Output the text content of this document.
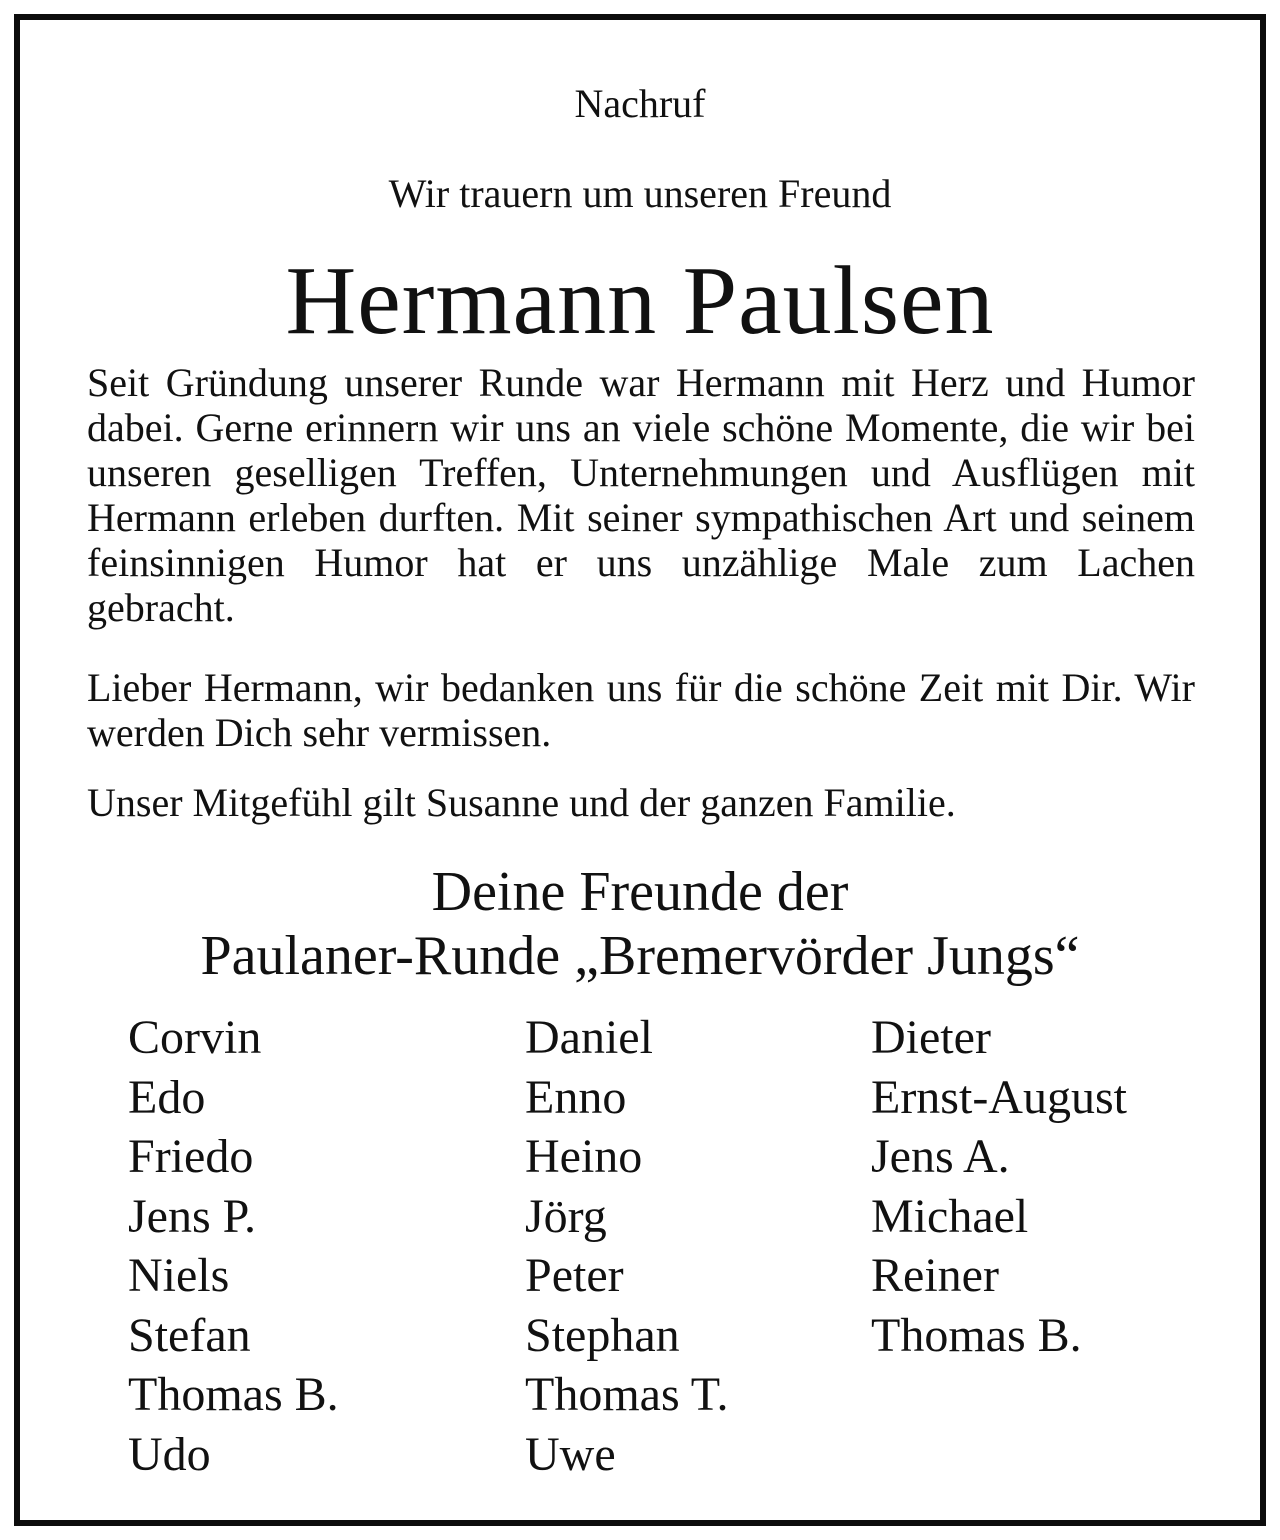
Nachruf
Wir trauern um unseren Freund
Hermann Paulsen

Seit Gründung unserer Runde war Hermann mit Herz und Humor dabei. Gerne erinnern wir uns an viele schöne Momente, die wir bei unseren geselligen Treffen, Unternehmungen und Ausflügen mit Hermann erleben durften. Mit seiner sympathischen Art und seinem feinsinnigen Humor hat er uns unzählige Male zum Lachen gebracht.

Lieber Hermann, wir bedanken uns für die schöne Zeit mit Dir. Wir werden Dich sehr vermissen.

Unser Mitgefühl gilt Susanne und der ganzen Familie.

Deine Freunde der
Paulaner-Runde „Bremervörder Jungs“
Corvin
Edo
Friedo
Jens P.
Niels
Stefan
Thomas B.
Udo
Daniel
Enno
Heino
Jörg
Peter
Stephan
Thomas T.
Uwe
Dieter
Ernst-August
Jens A.
Michael
Reiner
Thomas B.
